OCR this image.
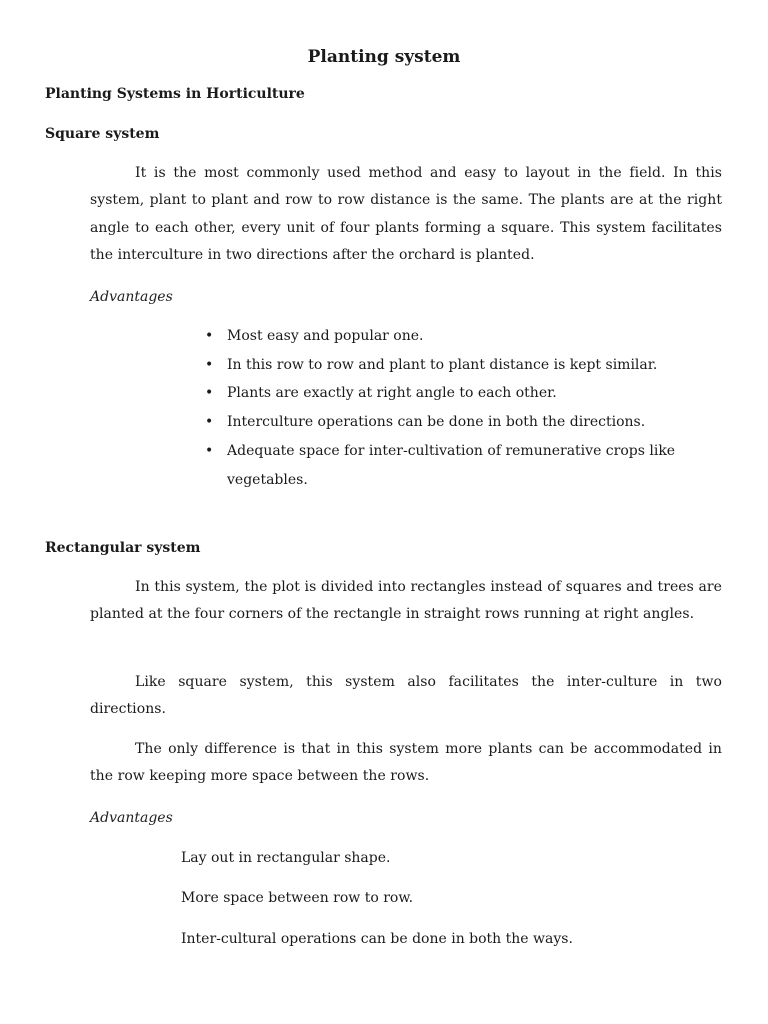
Planting system
Planting Systems in Horticulture
Square system

It is the most commonly used method and easy to layout in the field. In this system, plant to plant and row to row distance is the same. The plants are at the right angle to each other, every unit of four plants forming a square. This system facilitates the interculture in two directions after the orchard is planted.

Advantages
• Most easy and popular one.
• In this row to row and plant to plant distance is kept similar.
• Plants are exactly at right angle to each other.
• Interculture operations can be done in both the directions.
• Adequate space for inter-cultivation of remunerative crops like vegetables.
Rectangular system

In this system, the plot is divided into rectangles instead of squares and trees are planted at the four corners of the rectangle in straight rows running at right angles.

Like square system, this system also facilitates the inter-culture in two directions.

The only difference is that in this system more plants can be accommodated in the row keeping more space between the rows.

Advantages
Lay out in rectangular shape.
More space between row to row.
Inter-cultural operations can be done in both the ways.
